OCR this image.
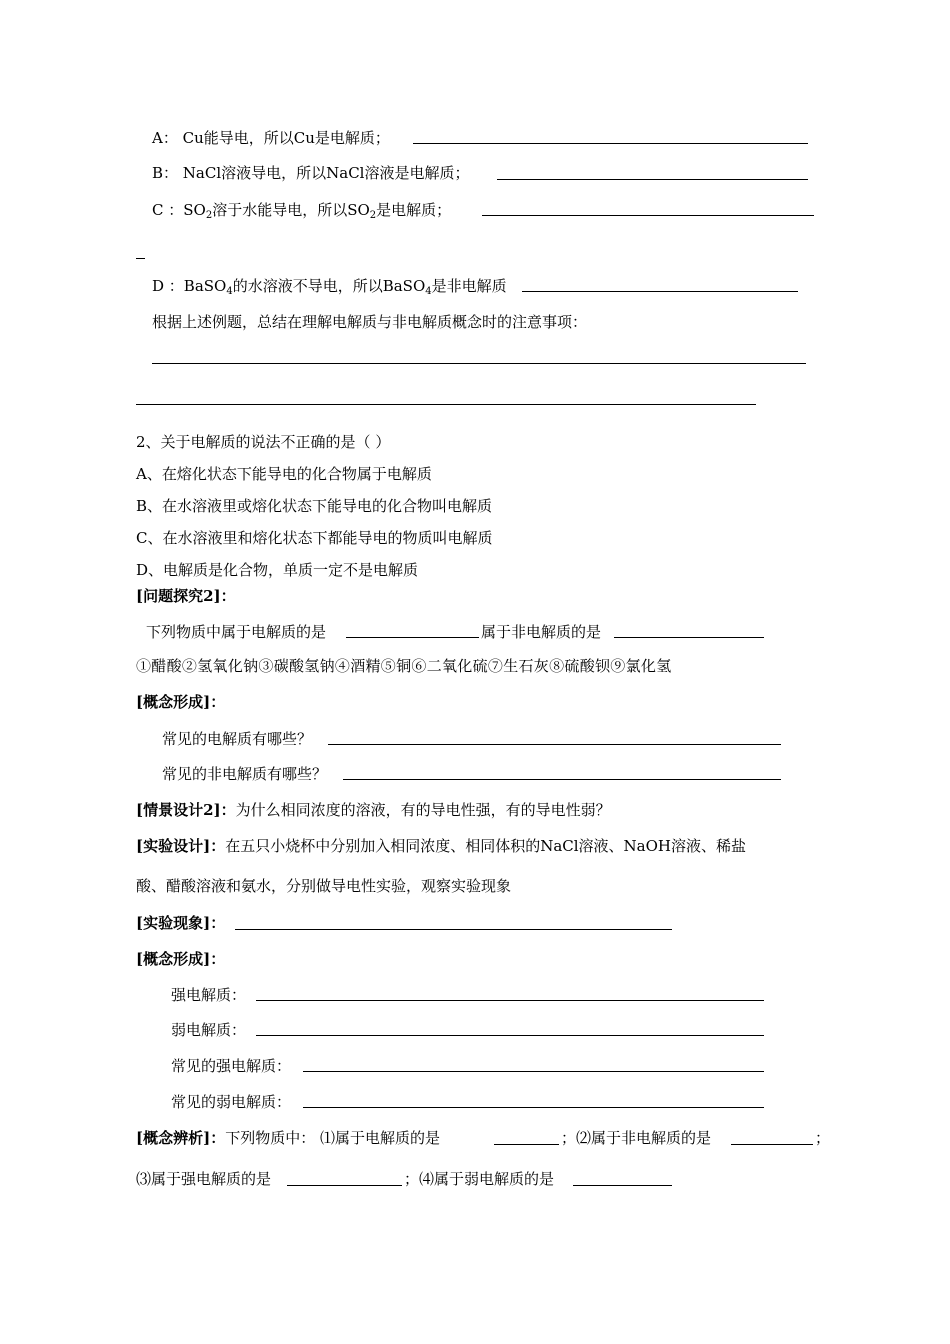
A： Cu能导电，所以Cu是电解质；
B： NaCl溶液导电，所以NaCl溶液是电解质；
C ：$SO_2$溶于水能导电，所以$SO_2$是电解质；
D ：BaSO$_4$的水溶液不导电，所以BaSO$_4$是非电解质
根据上述例题，总结在理解电解质与非电解质概念时的注意事项：
2、关于电解质的说法不正确的是（ ）
A、在熔化状态下能导电的化合物属于电解质
B、在水溶液里或熔化状态下能导电的化合物叫电解质
C、在水溶液里和熔化状态下都能导电的物质叫电解质
D、电解质是化合物，单质一定不是电解质
[问题探究2]：
下列物质中属于电解质的是	属于非电解质的是
①醋酸②氢氧化钠③碳酸氢钠④酒精⑤铜⑥二氧化硫⑦生石灰⑧硫酸钡⑨氯化氢
[概念形成]：
常见的电解质有哪些？
常见的非电解质有哪些？
[情景设计2]：为什么相同浓度的溶液，有的导电性强，有的导电性弱？
[实验设计]：在五只小烧杯中分别加入相同浓度、相同体积的NaCl溶液、NaOH溶液、稀盐
酸、醋酸溶液和氨水，分别做导电性实验，观察实验现象
[实验现象]：
[概念形成]：
强电解质：
弱电解质：
常见的强电解质：
常见的弱电解质：
[概念辨析]：下列物质中： ⑴属于电解质的是	；⑵属于非电解质的是	；
⑶属于强电解质的是	；⑷属于弱电解质的是
